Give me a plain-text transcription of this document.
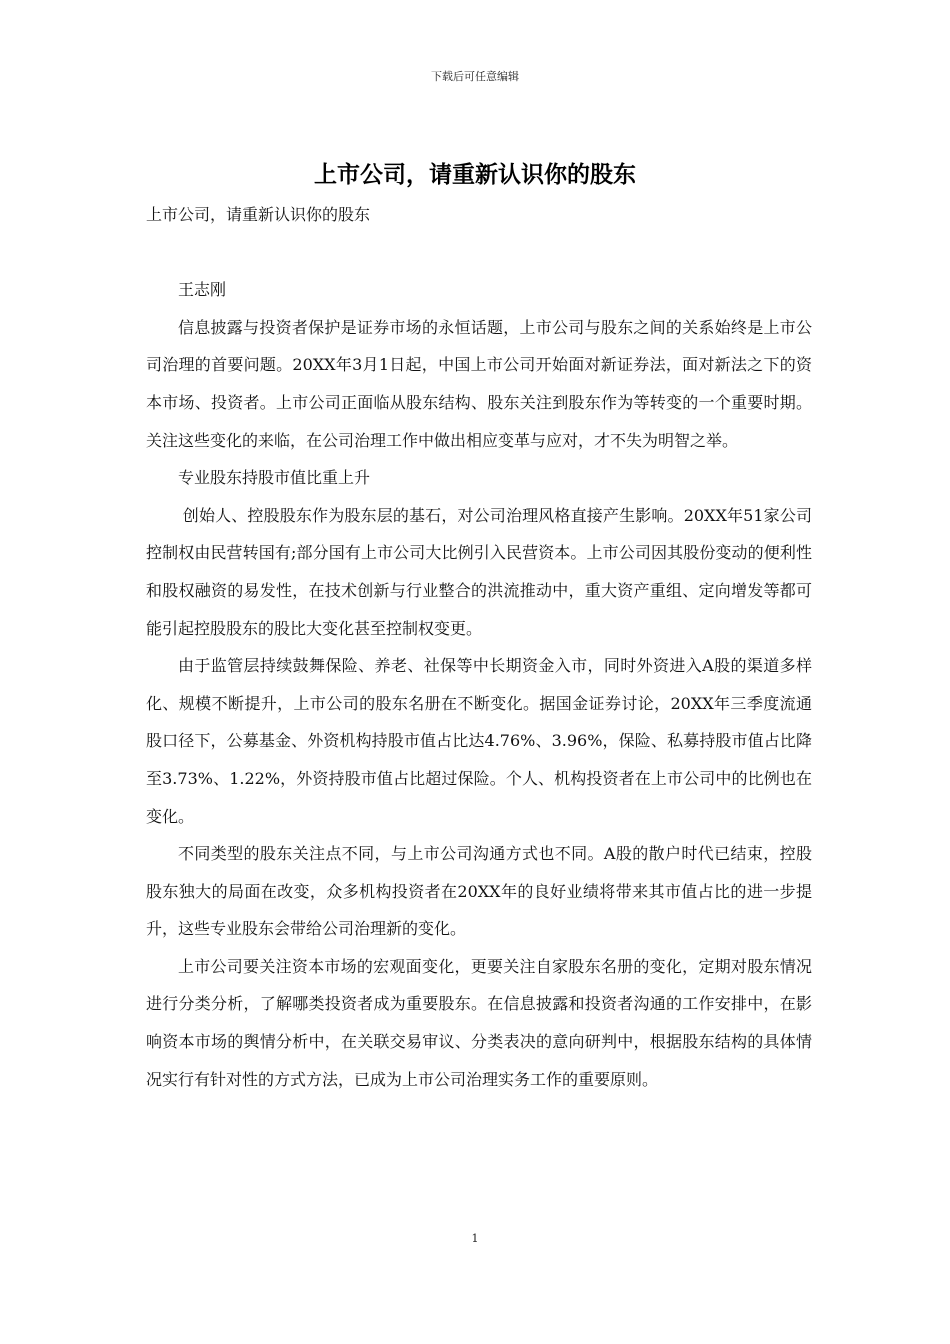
下载后可任意编辑
上市公司，请重新认识你的股东

上市公司，请重新认识你的股东

王志刚

信息披露与投资者保护是证券市场的永恒话题，上市公司与股东之间的关系始终是上市公司治理的首要问题。20XX年3月1日起，中国上市公司开始面对新证券法，面对新法之下的资本市场、投资者。上市公司正面临从股东结构、股东关注到股东作为等转变的一个重要时期。关注这些变化的来临，在公司治理工作中做出相应变革与应对，才不失为明智之举。

专业股东持股市值比重上升

创始人、控股股东作为股东层的基石，对公司治理风格直接产生影响。20XX年51家公司控制权由民营转国有;部分国有上市公司大比例引入民营资本。上市公司因其股份变动的便利性和股权融资的易发性，在技术创新与行业整合的洪流推动中，重大资产重组、定向增发等都可能引起控股股东的股比大变化甚至控制权变更。

由于监管层持续鼓舞保险、养老、社保等中长期资金入市，同时外资进入A股的渠道多样化、规模不断提升，上市公司的股东名册在不断变化。据国金证券讨论，20XX年三季度流通股口径下，公募基金、外资机构持股市值占比达4.76%、3.96%，保险、私募持股市值占比降至3.73%、1.22%，外资持股市值占比超过保险。个人、机构投资者在上市公司中的比例也在变化。

不同类型的股东关注点不同，与上市公司沟通方式也不同。A股的散户时代已结束，控股股东独大的局面在改变，众多机构投资者在20XX年的良好业绩将带来其市值占比的进一步提升，这些专业股东会带给公司治理新的变化。

上市公司要关注资本市场的宏观面变化，更要关注自家股东名册的变化，定期对股东情况进行分类分析，了解哪类投资者成为重要股东。在信息披露和投资者沟通的工作安排中，在影响资本市场的舆情分析中，在关联交易审议、分类表决的意向研判中，根据股东结构的具体情况实行有针对性的方式方法，已成为上市公司治理实务工作的重要原则。

1
